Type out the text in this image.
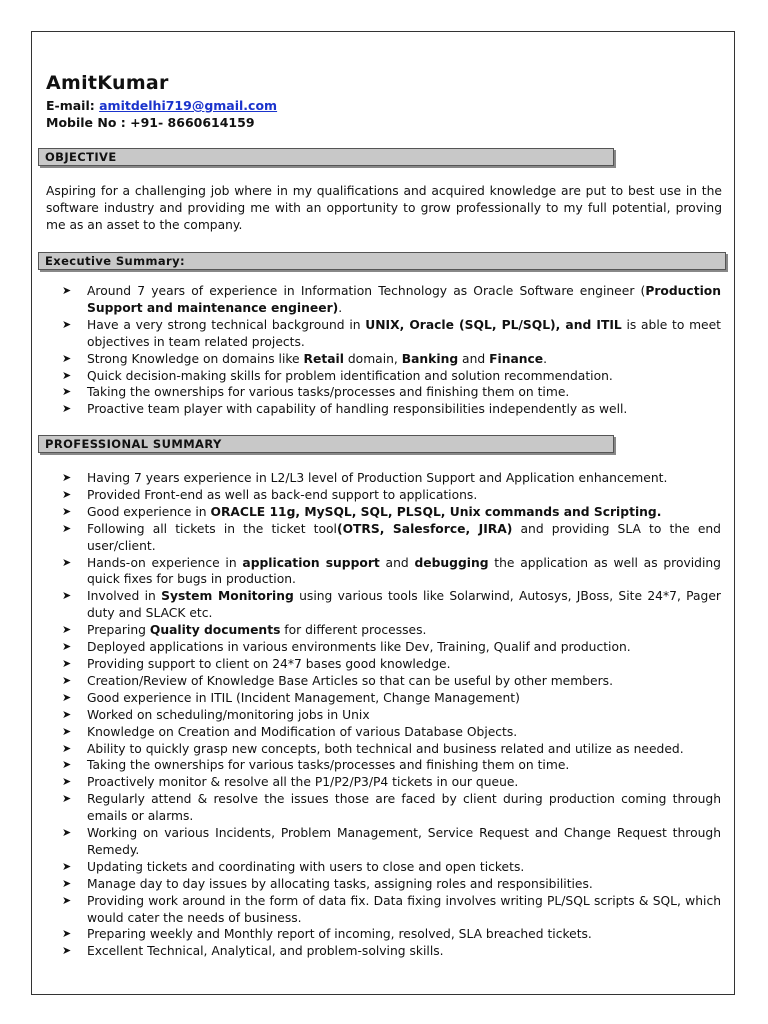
AmitKumar

E-mail: amitdelhi719@gmail.com

Mobile No : +91- 8660614159

OBJECTIVE

Aspiring for a challenging job where in my qualifications and acquired knowledge are put to best use in the software industry and providing me with an opportunity to grow professionally to my full potential, proving me as an asset to the company.

Executive Summary:
➤ Around 7 years of experience in Information Technology as Oracle Software engineer (Production Support and maintenance engineer).
➤ Have a very strong technical background in UNIX, Oracle (SQL, PL/SQL), and ITIL is able to meet objectives in team related projects.
➤ Strong Knowledge on domains like Retail domain, Banking and Finance.
➤ Quick decision-making skills for problem identification and solution recommendation.
➤ Taking the ownerships for various tasks/processes and finishing them on time.
➤ Proactive team player with capability of handling responsibilities independently as well.
PROFESSIONAL SUMMARY
➤ Having 7 years experience in L2/L3 level of Production Support and Application enhancement.
➤ Provided Front-end as well as back-end support to applications.
➤ Good experience in ORACLE 11g, MySQL, SQL, PLSQL, Unix commands and Scripting.
➤ Following all tickets in the ticket tool(OTRS, Salesforce, JIRA) and providing SLA to the end user/client.
➤ Hands-on experience in application support and debugging the application as well as providing quick fixes for bugs in production.
➤ Involved in System Monitoring using various tools like Solarwind, Autosys, JBoss, Site 24*7, Pager duty and SLACK etc.
➤ Preparing Quality documents for different processes.
➤ Deployed applications in various environments like Dev, Training, Qualif and production.
➤ Providing support to client on 24*7 bases good knowledge.
➤ Creation/Review of Knowledge Base Articles so that can be useful by other members.
➤ Good experience in ITIL (Incident Management, Change Management)
➤ Worked on scheduling/monitoring jobs in Unix
➤ Knowledge on Creation and Modification of various Database Objects.
➤ Ability to quickly grasp new concepts, both technical and business related and utilize as needed.
➤ Taking the ownerships for various tasks/processes and finishing them on time.
➤ Proactively monitor & resolve all the P1/P2/P3/P4 tickets in our queue.
➤ Regularly attend & resolve the issues those are faced by client during production coming through emails or alarms.
➤ Working on various Incidents, Problem Management, Service Request and Change Request through Remedy.
➤ Updating tickets and coordinating with users to close and open tickets.
➤ Manage day to day issues by allocating tasks, assigning roles and responsibilities.
➤ Providing work around in the form of data fix. Data fixing involves writing PL/SQL scripts & SQL, which would cater the needs of business.
➤ Preparing weekly and Monthly report of incoming, resolved, SLA breached tickets.
➤ Excellent Technical, Analytical, and problem-solving skills.
